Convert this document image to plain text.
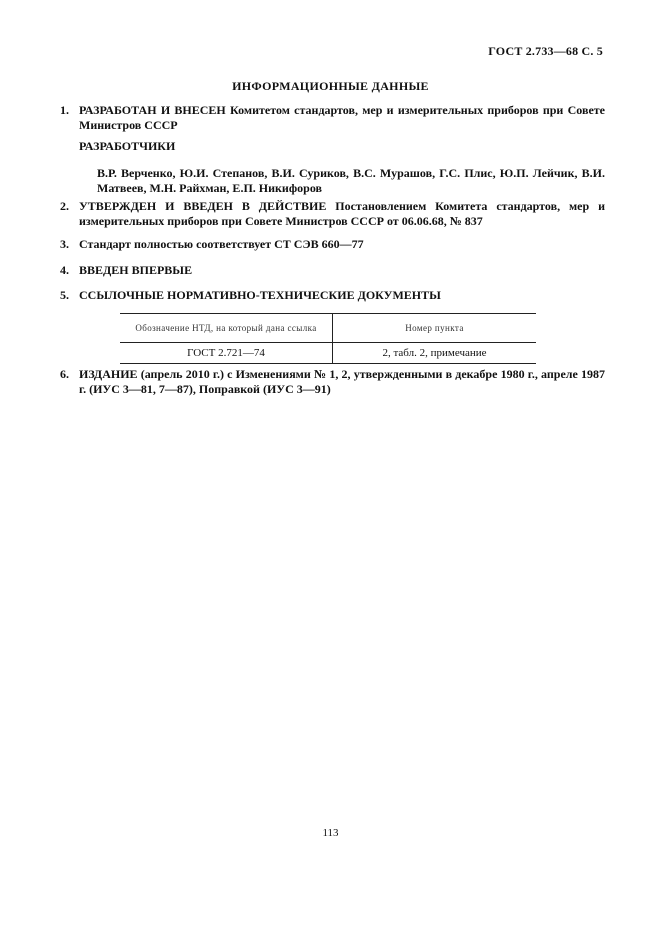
ГОСТ 2.733—68 С. 5
ИНФОРМАЦИОННЫЕ ДАННЫЕ
1. РАЗРАБОТАН И ВНЕСЕН Комитетом стандартов, мер и измерительных приборов при Совете Министров СССР
РАЗРАБОТЧИКИ
В.Р. Верченко, Ю.И. Степанов, В.И. Суриков, В.С. Мурашов, Г.С. Плис, Ю.П. Лейчик, В.И. Матвеев, М.Н. Райхман, Е.П. Никифоров
2. УТВЕРЖДЕН И ВВЕДЕН В ДЕЙСТВИЕ Постановлением Комитета стандартов, мер и измерительных приборов при Совете Министров СССР от 06.06.68, № 837
3. Стандарт полностью соответствует СТ СЭВ 660—77
4. ВВЕДЕН ВПЕРВЫЕ
5. ССЫЛОЧНЫЕ НОРМАТИВНО-ТЕХНИЧЕСКИЕ ДОКУМЕНТЫ
Обозначение НТД, на который дана ссылка	Номер пункта
ГОСТ 2.721—74	2, табл. 2, примечание
6. ИЗДАНИЕ (апрель 2010 г.) с Изменениями № 1, 2, утвержденными в декабре 1980 г., апреле 1987 г. (ИУС 3—81, 7—87), Поправкой (ИУС 3—91)
113
